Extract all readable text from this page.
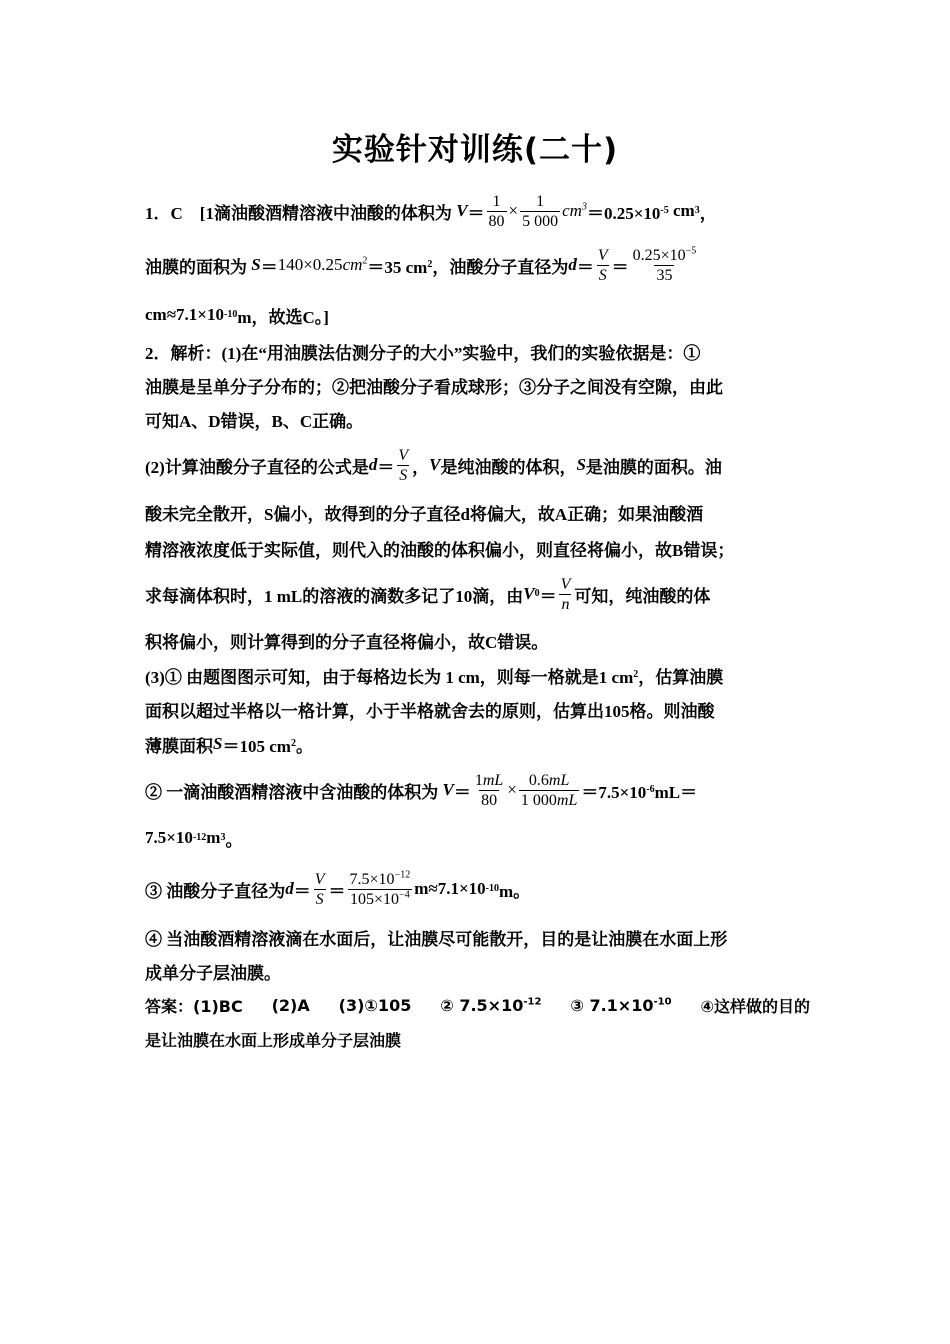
实验针对训练(二十)
1．C　[1滴油酸酒精溶液中油酸的体积为 $V = \frac{1}{80} \times \frac{1}{5 000} cm^3 =0.25\times 10$ -5 cm 3 ，
油膜的面积为 $S = 140\times 0.25cm^2 =35$ cm 2 ，油酸分子直径为 $d = \frac{V}{S} = \frac{0.25\times 10^{-5}}{35}$
cm≈7.1×10 -10 m，故选C。]
2．解析：(1)在“用油膜法估测分子的大小”实验中，我们的实验依据是：①
油膜是呈单分子分布的；②把油酸分子看成球形；③分子之间没有空隙，由此
可知A、D错误，B、C正确。
(2)计算油酸分子直径的公式是 $d = \frac{V}{S}$ ， V 是纯油酸的体积， S 是油膜的面积。油
酸未完全散开，S偏小，故得到的分子直径d将偏大，故A正确；如果油酸酒
精溶液浓度低于实际值，则代入的油酸的体积偏小，则直径将偏小，故B错误；
求每滴体积时，1 mL的溶液的滴数多记了10滴，由 V $0 = \frac{V}{n}$ 可知，纯油酸的体
积将偏小，则计算得到的分子直径将偏小，故C错误。
(3)① 由题图图示可知，由于每格边长为 1 cm，则每一格就是1 cm 2 ，估算油膜
面积以超过半格以一格计算，小于半格就舍去的原则，估算出105格。则油酸
薄膜面积 S ＝105 cm 2 。
② 一滴油酸酒精溶液中含油酸的体积为 $V = \frac{1mL}{80} \times \frac{0.6mL}{1 000mL} =7.5\times 10$ -6 mL＝
7.5×10 -12 m 3 。
③ 油酸分子直径为 $d = \frac{V}{S} = \frac{7.5\times 10^{-12}}{105\times 10^{-4}} m\approx 7.1\times 10$ -10 m。
④ 当油酸酒精溶液滴在水面后，让油膜尽可能散开，目的是让油膜在水面上形
成单分子层油膜。
答案：(1)BC (2)A (3)①105 ② $7.5\times 10^{-12}$ ③ $7.1\times 10^{-10}$ ④这样做的目的
是让油膜在水面上形成单分子层油膜
